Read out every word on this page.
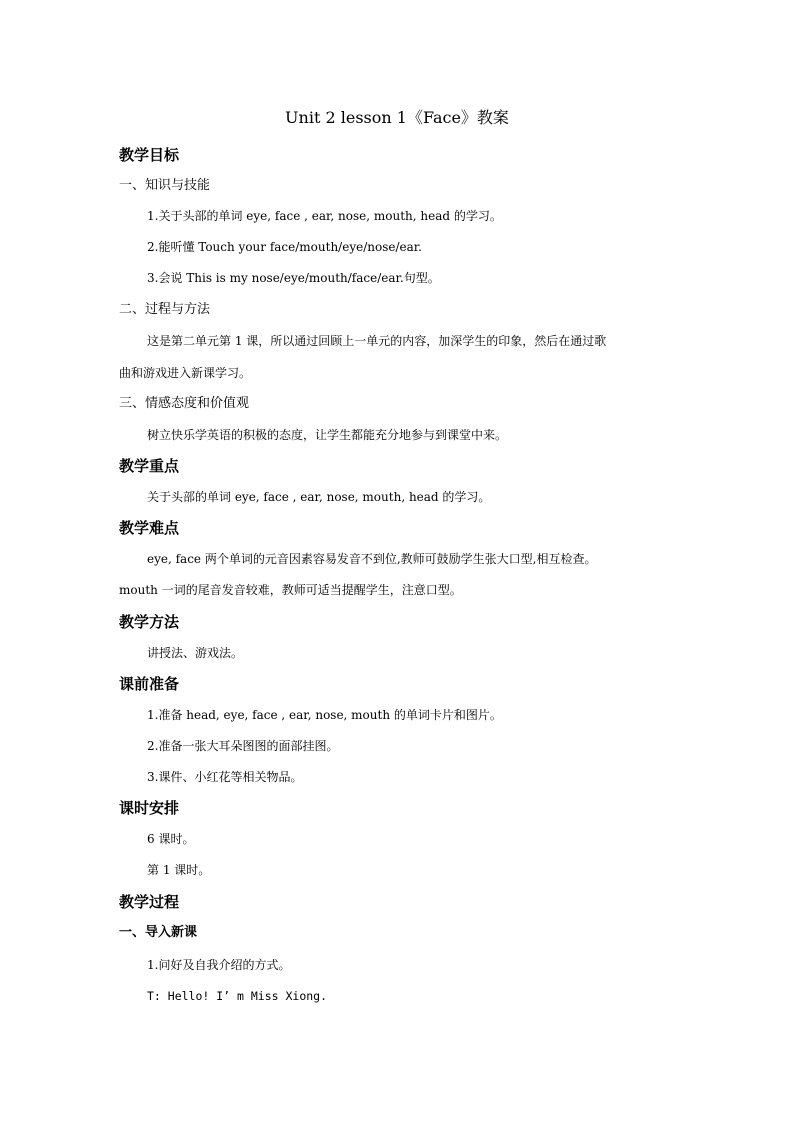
Unit 2 lesson 1《Face》教案
教学目标
一、知识与技能
1.关于头部的单词 eye, face , ear, nose, mouth, head 的学习。
2.能听懂 Touch your face/mouth/eye/nose/ear.
3.会说 This is my nose/eye/mouth/face/ear.句型。
二、过程与方法
这是第二单元第 1 课，所以通过回顾上一单元的内容，加深学生的印象，然后在通过歌
曲和游戏进入新课学习。
三、情感态度和价值观
树立快乐学英语的积极的态度，让学生都能充分地参与到课堂中来。
教学重点
关于头部的单词 eye, face , ear, nose, mouth, head 的学习。
教学难点
eye, face 两个单词的元音因素容易发音不到位,教师可鼓励学生张大口型,相互检查。
mouth 一词的尾音发音较难，教师可适当提醒学生，注意口型。
教学方法
讲授法、游戏法。
课前准备
1.准备 head, eye, face , ear, nose, mouth 的单词卡片和图片。
2.准备一张大耳朵图图的面部挂图。
3.课件、小红花等相关物品。
课时安排
6 课时。
第 1 课时。
教学过程
一、导入新课
1.问好及自我介绍的方式。
T: Hello! I’ m Miss Xiong.
